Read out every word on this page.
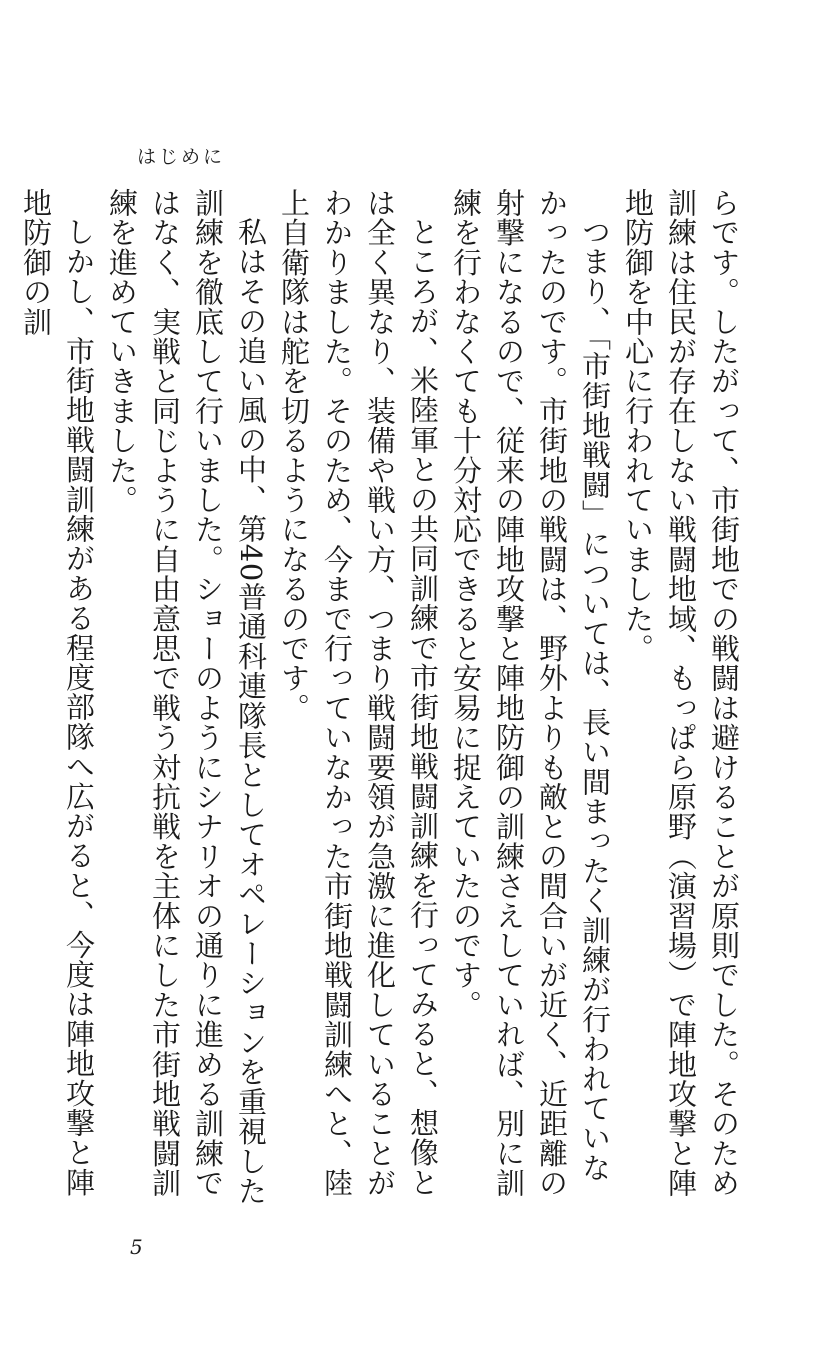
はじめに

らです。したがって、市街地での戦闘は避けることが原則でした。そのため訓練は住民が存在しない戦闘地域、もっぱら原野（演習場）で陣地攻撃と陣地防御を中心に行われていました。

つまり、「市街地戦闘」については、長い間まったく訓練が行われていなかったのです。市街地の戦闘は、野外よりも敵との間合いが近く、近距離の射撃になるので、従来の陣地攻撃と陣地防御の訓練さえしていれば、別に訓練を行わなくても十分対応できると安易に捉えていたのです。

ところが、米陸軍との共同訓練で市街地戦闘訓練を行ってみると、想像とは全く異なり、装備や戦い方、つまり戦闘要領が急激に進化していることがわかりました。そのため、今まで行っていなかった市街地戦闘訓練へと、陸上自衛隊は舵を切るようになるのです。

私はその追い風の中、第40普通科連隊長としてオペレーションを重視した訓練を徹底して行いました。ショーのようにシナリオの通りに進める訓練ではなく、実戦と同じように自由意思で戦う対抗戦を主体にした市街地戦闘訓練を進めていきました。

しかし、市街地戦闘訓練がある程度部隊へ広がると、今度は陣地攻撃と陣地防御の訓

5
